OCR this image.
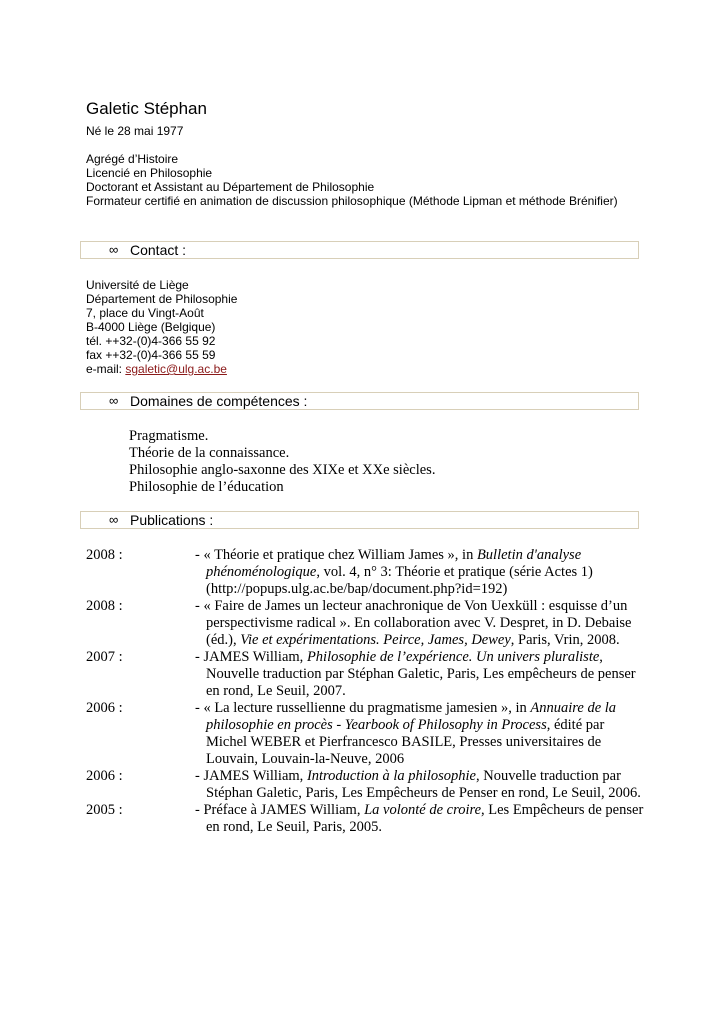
Galetic Stéphan
Né le 28 mai 1977
Agrégé d’Histoire
Licencié en Philosophie
Doctorant et Assistant au Département de Philosophie
Formateur certifié en animation de discussion philosophique (Méthode Lipman et méthode Brénifier)
∞ Contact :
Université de Liège
Département de Philosophie
7, place du Vingt-Août
B-4000 Liège (Belgique)
tél. ++32-(0)4-366 55 92
fax ++32-(0)4-366 55 59
e-mail: sgaletic@ulg.ac.be
∞ Domaines de compétences :
Pragmatisme.
Théorie de la connaissance.
Philosophie anglo-saxonne des XIXe et XXe siècles.
Philosophie de l’éducation
∞ Publications :
2008 :	- « Théorie et pratique chez William James », in Bulletin d'analyse phénoménologique, vol. 4, n° 3: Théorie et pratique (série Actes 1) (http://popups.ulg.ac.be/bap/document.php?id=192)
2008 :	- « Faire de James un lecteur anachronique de Von Uexküll : esquisse d’un perspectivisme radical ». En collaboration avec V. Despret, in D. Debaise (éd.), Vie et expérimentations. Peirce, James, Dewey, Paris, Vrin, 2008.
2007 :	- JAMES William, Philosophie de l’expérience. Un univers pluraliste, Nouvelle traduction par Stéphan Galetic, Paris, Les empêcheurs de penser en rond, Le Seuil, 2007.
2006 :	- « La lecture russellienne du pragmatisme jamesien », in Annuaire de la philosophie en procès - Yearbook of Philosophy in Process, édité par Michel WEBER et Pierfrancesco BASILE, Presses universitaires de Louvain, Louvain-la-Neuve, 2006
2006 :	- JAMES William, Introduction à la philosophie, Nouvelle traduction par Stéphan Galetic, Paris, Les Empêcheurs de Penser en rond, Le Seuil, 2006.
2005 :	- Préface à JAMES William, La volonté de croire, Les Empêcheurs de penser en rond, Le Seuil, Paris, 2005.
